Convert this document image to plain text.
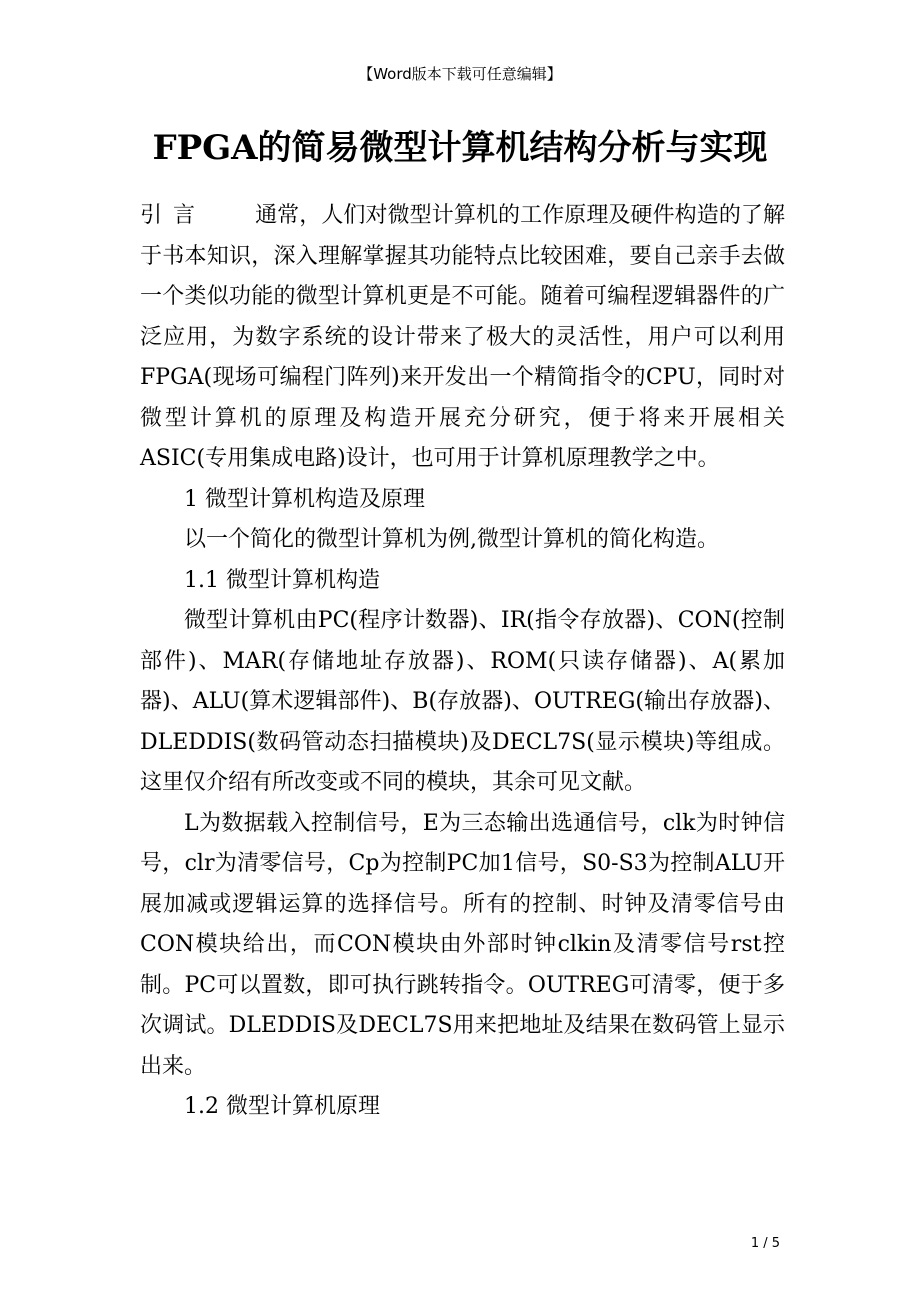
【Word版本下载可任意编辑】
FPGA的简易微型计算机结构分析与实现

引言 通常，人们对微型计算机的工作原理及硬件构造的了解于书本知识，深入理解掌握其功能特点比较困难，要自己亲手去做一个类似功能的微型计算机更是不可能。随着可编程逻辑器件的广泛应用，为数字系统的设计带来了极大的灵活性，用户可以利用FPGA(现场可编程门阵列)来开发出一个精简指令的CPU，同时对微型计算机的原理及构造开展充分研究，便于将来开展相关ASIC(专用集成电路)设计，也可用于计算机原理教学之中。

1 微型计算机构造及原理

以一个简化的微型计算机为例,微型计算机的简化构造。

1.1 微型计算机构造

微型计算机由PC(程序计数器)、IR(指令存放器)、CON(控制部件)、MAR(存储地址存放器)、ROM(只读存储器)、A(累加器)、ALU(算术逻辑部件)、B(存放器)、OUTREG(输出存放器)、DLEDDIS(数码管动态扫描模块)及DECL7S(显示模块)等组成。这里仅介绍有所改变或不同的模块，其余可见文献。

L为数据载入控制信号，E为三态输出选通信号，clk为时钟信号，clr为清零信号，Cp为控制PC加1信号，S0-S3为控制ALU开展加减或逻辑运算的选择信号。所有的控制、时钟及清零信号由CON模块给出，而CON模块由外部时钟clkin及清零信号rst控制。PC可以置数，即可执行跳转指令。OUTREG可清零，便于多次调试。DLEDDIS及DECL7S用来把地址及结果在数码管上显示出来。

1.2 微型计算机原理

1 / 5
